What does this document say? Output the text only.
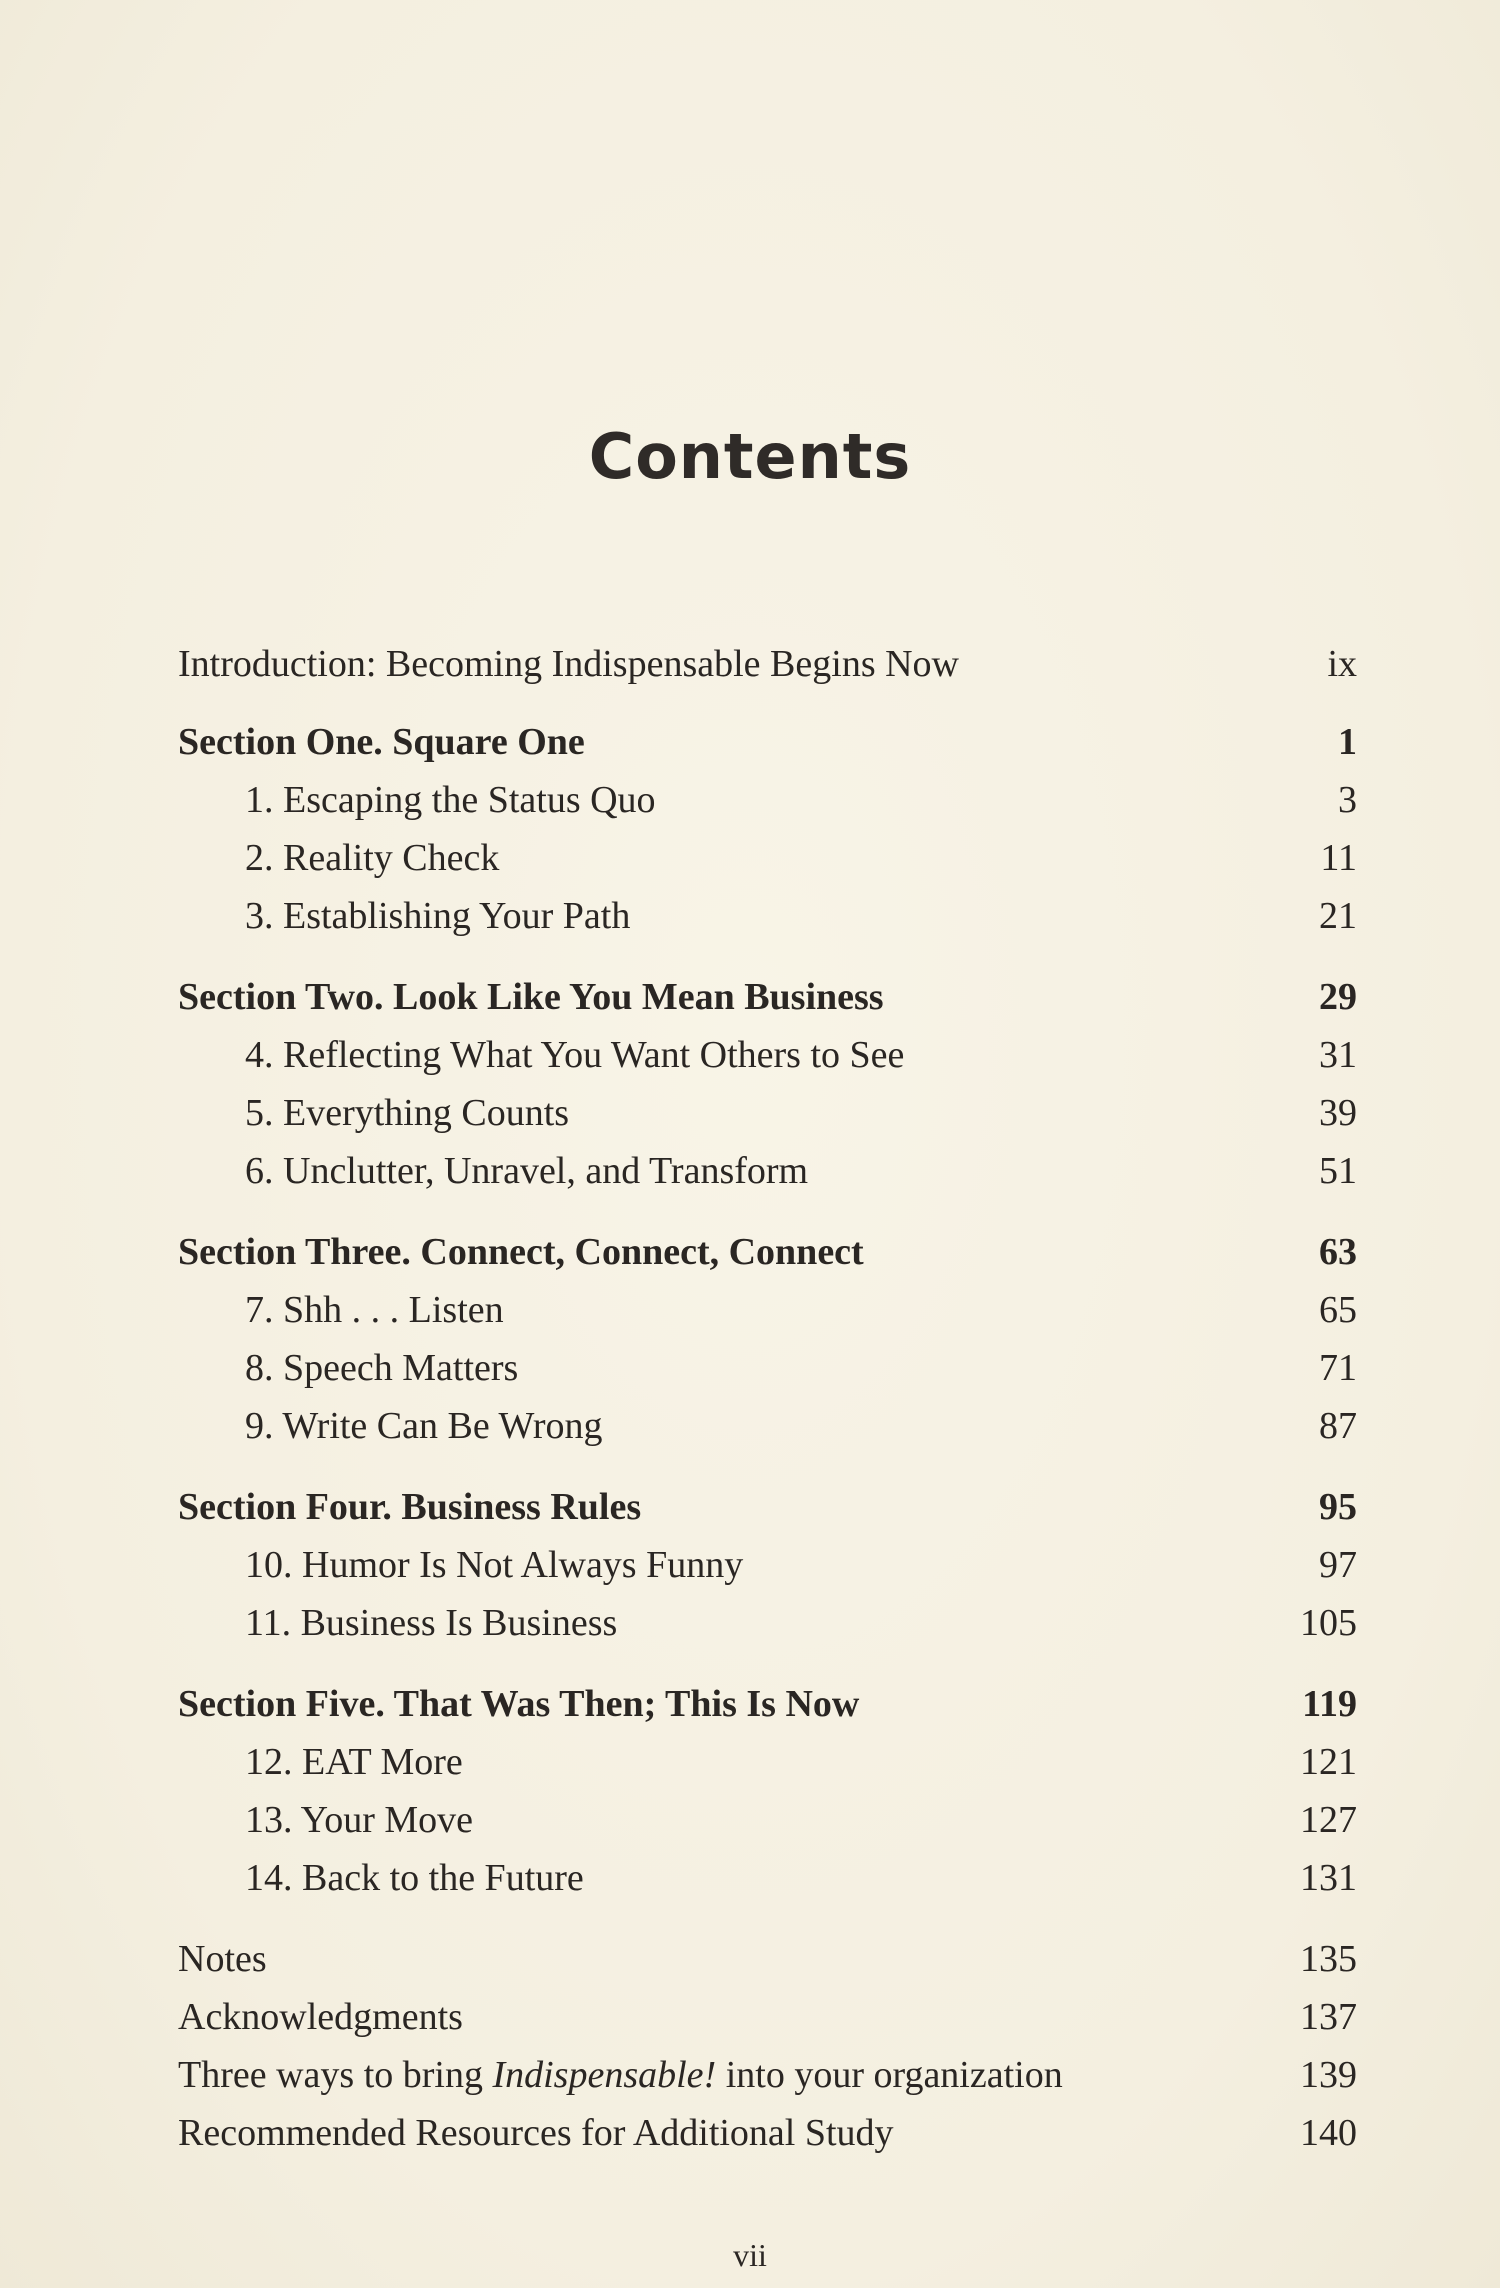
Contents
Introduction: Becoming Indispensable Begins Now	ix
Section One. Square One	1
1. Escaping the Status Quo	3
2. Reality Check	11
3. Establishing Your Path	21
Section Two. Look Like You Mean Business	29
4. Reflecting What You Want Others to See	31
5. Everything Counts	39
6. Unclutter, Unravel, and Transform	51
Section Three. Connect, Connect, Connect	63
7. Shh . . . Listen	65
8. Speech Matters	71
9. Write Can Be Wrong	87
Section Four. Business Rules	95
10. Humor Is Not Always Funny	97
11. Business Is Business	105
Section Five. That Was Then; This Is Now	119
12. EAT More	121
13. Your Move	127
14. Back to the Future	131
Notes	135
Acknowledgments	137
Three ways to bring Indispensable! into your organization	139
Recommended Resources for Additional Study	140
vii
